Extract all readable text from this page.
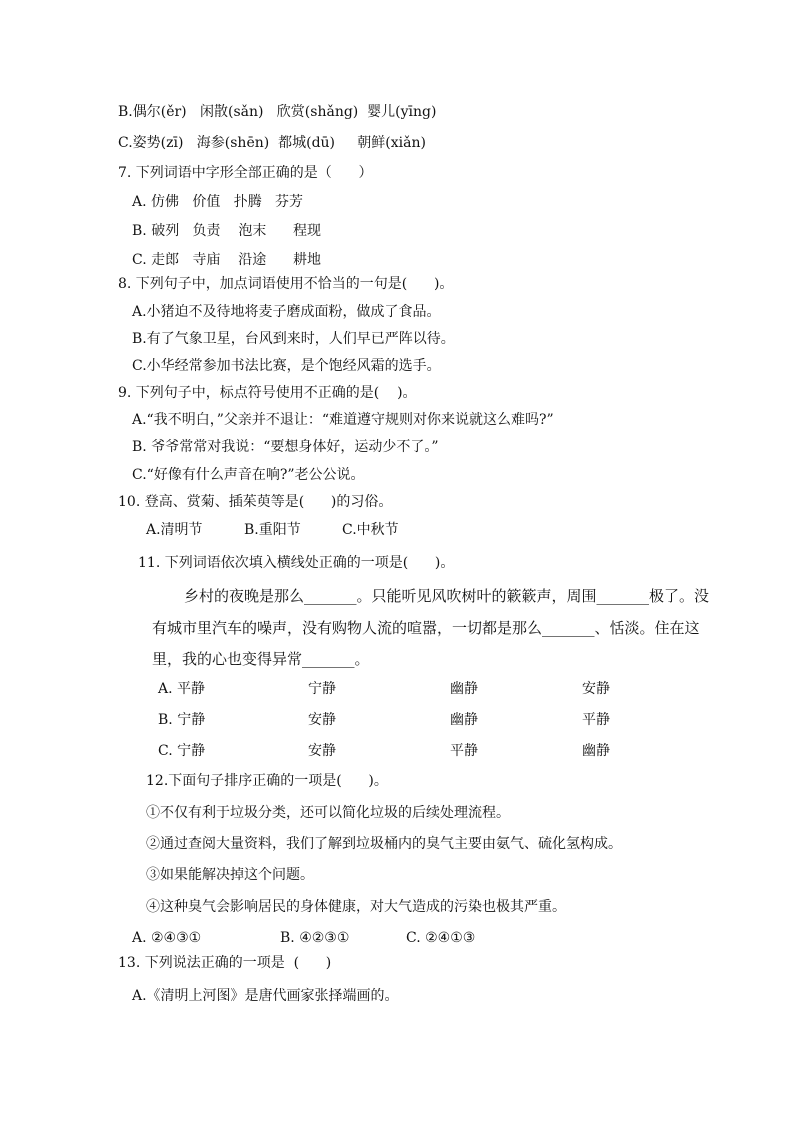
B.偶尔(ěr)   闲散(sǎn)   欣赏(shǎng)  婴儿(yīng)
C.姿势(zī)   海参(shēn)  都城(dū)     朝鲜(xiǎn)
7. 下列词语中字形全部正确的是（      ）
A. 仿佛   价值   扑腾   芬芳
B. 破列   负责    泡末      程现
C. 走郎   寺庙    沿途      耕地
8. 下列句子中，加点词语使用不恰当的一句是(      )。
A.小猪迫不及待地将麦子磨成面粉，做成了食品。
B.有了气象卫星，台风到来时，人们早已严阵以待。
C.小华经常参加书法比赛，是个饱经风霜的选手。
9. 下列句子中，标点符号使用不正确的是(    )。
A.“我不明白，”父亲并不退让：“难道遵守规则对你来说就这么难吗?”
B. 爷爷常常对我说：“要想身体好，运动少不了。”
C.“好像有什么声音在响?”老公公说。
10. 登高、赏菊、插茱萸等是(      )的习俗。
A.清明节	B.重阳节	C.中秋节
11. 下列词语依次填入横线处正确的一项是(      )。
乡村的夜晚是那么_______。只能听见风吹树叶的簌簌声，周围_______极了。没
有城市里汽车的噪声，没有购物人流的喧嚣，一切都是那么_______、恬淡。住在这
里，我的心也变得异常_______。
A. 平静	宁静	幽静	安静
B. 宁静	安静	幽静	平静
C. 宁静	安静	平静	幽静
12.下面句子排序正确的一项是(      )。
①不仅有利于垃圾分类，还可以简化垃圾的后续处理流程。
②通过查阅大量资料，我们了解到垃圾桶内的臭气主要由氨气、硫化氢构成。
③如果能解决掉这个问题。
④这种臭气会影响居民的身体健康，对大气造成的污染也极其严重。
A. ②④③①	B. ④②③①	C. ②④①③
13. 下列说法正确的一项是  (      )
A.《清明上河图》是唐代画家张择端画的。
